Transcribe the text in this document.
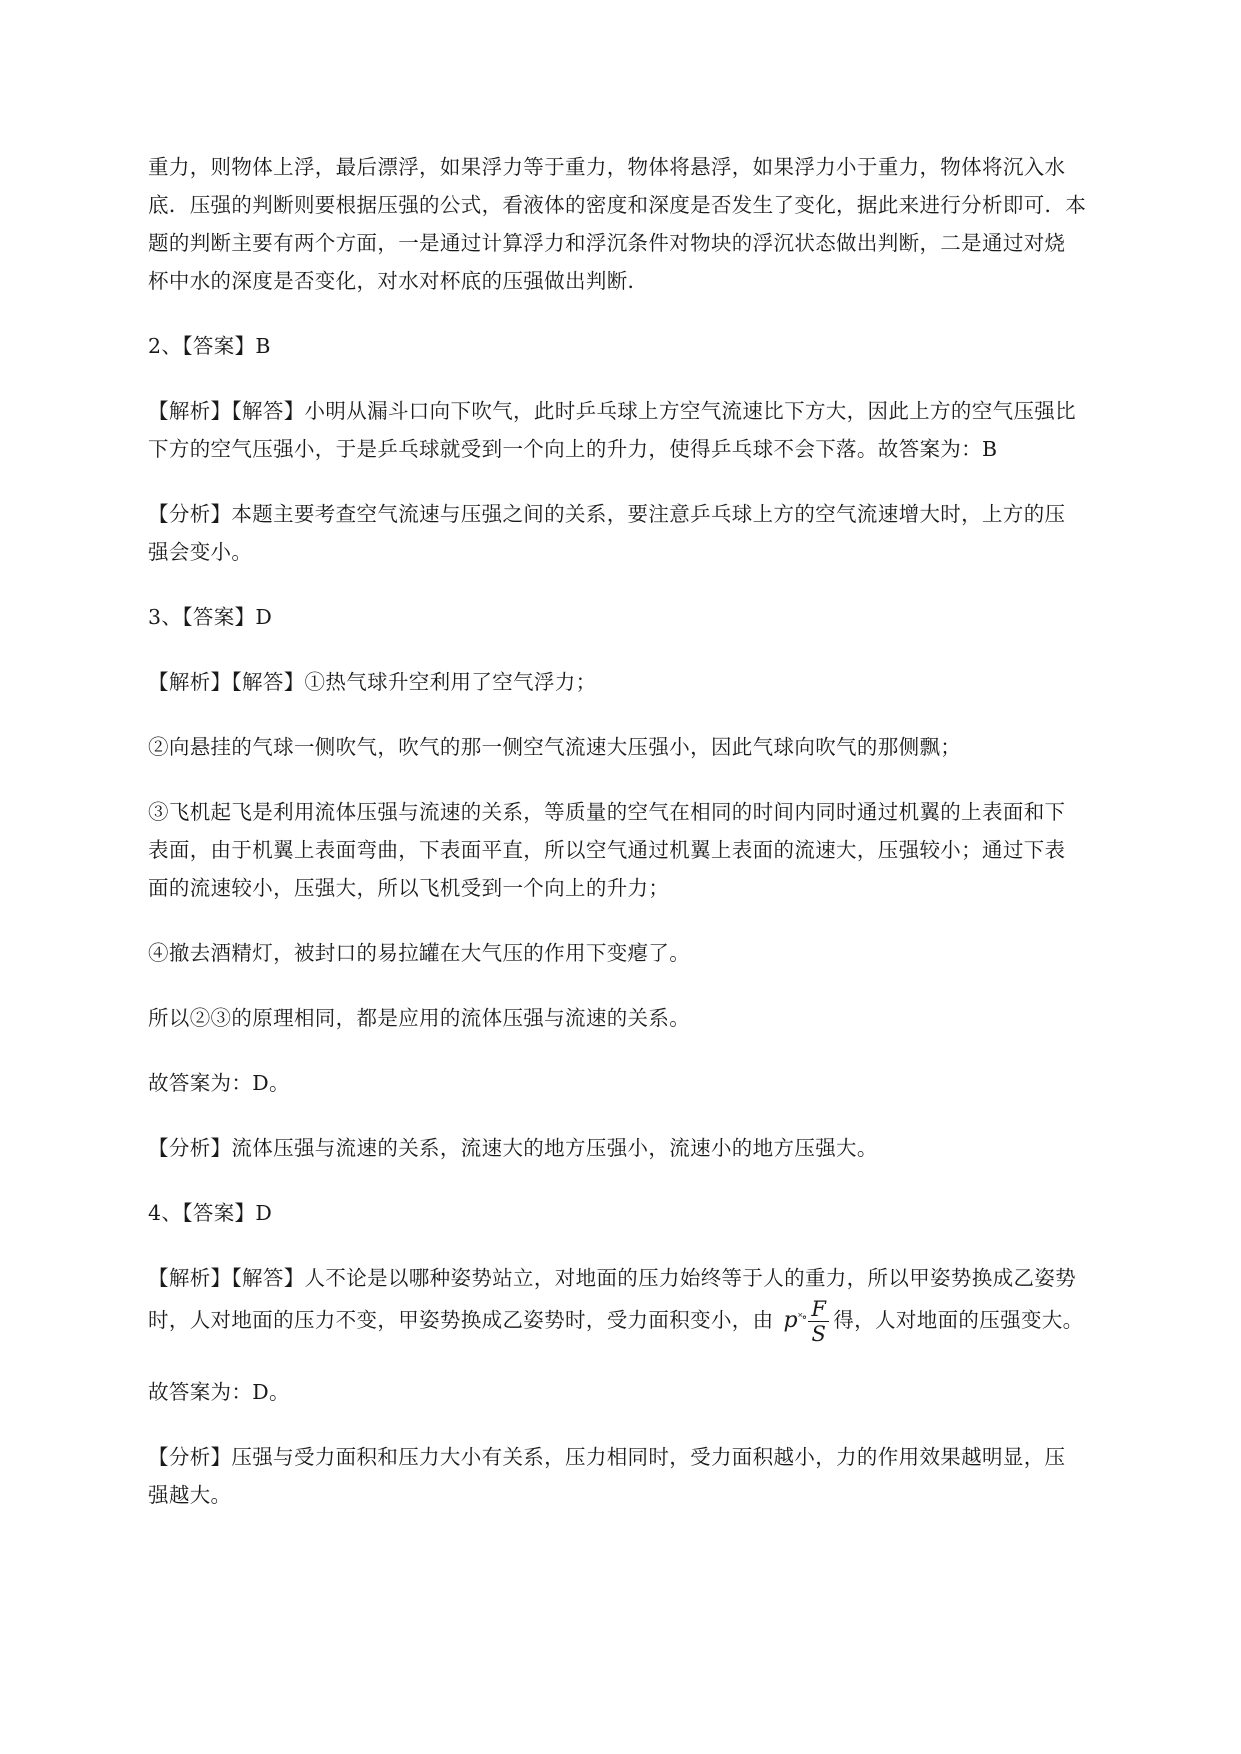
重力，则物体上浮，最后漂浮，如果浮力等于重力，物体将悬浮，如果浮力小于重力，物体将沉入水

底．压强的判断则要根据压强的公式，看液体的密度和深度是否发生了变化，据此来进行分析即可．本

题的判断主要有两个方面，一是通过计算浮力和浮沉条件对物块的浮沉状态做出判断，二是通过对烧

杯中水的深度是否变化，对水对杯底的压强做出判断．

2、【答案】B

【解析】【解答】小明从漏斗口向下吹气，此时乒乓球上方空气流速比下方大，因此上方的空气压强比

下方的空气压强小，于是乒乓球就受到一个向上的升力，使得乒乓球不会下落。故答案为：B

【分析】本题主要考查空气流速与压强之间的关系，要注意乒乓球上方的空气流速增大时，上方的压

强会变小。

3、【答案】D

【解析】【解答】①热气球升空利用了空气浮力；

②向悬挂的气球一侧吹气，吹气的那一侧空气流速大压强小，因此气球向吹气的那侧飘；

③飞机起飞是利用流体压强与流速的关系，等质量的空气在相同的时间内同时通过机翼的上表面和下

表面，由于机翼上表面弯曲，下表面平直，所以空气通过机翼上表面的流速大，压强较小；通过下表

面的流速较小，压强大，所以飞机受到一个向上的升力；

④撤去酒精灯，被封口的易拉罐在大气压的作用下变瘪了。

所以②③的原理相同，都是应用的流体压强与流速的关系。

故答案为：D。

【分析】流体压强与流速的关系，流速大的地方压强小，流速小的地方压强大。

4、【答案】D

【解析】【解答】人不论是以哪种姿势站立，对地面的压力始终等于人的重力，所以甲姿势换成乙姿势

时，人对地面的压力不变，甲姿势换成乙姿势时，受力面积变小，由 $p^{˟\circ} \frac{F}{S}$ 得，人对地面的压强变大。

故答案为：D。

【分析】压强与受力面积和压力大小有关系，压力相同时，受力面积越小，力的作用效果越明显，压

强越大。
